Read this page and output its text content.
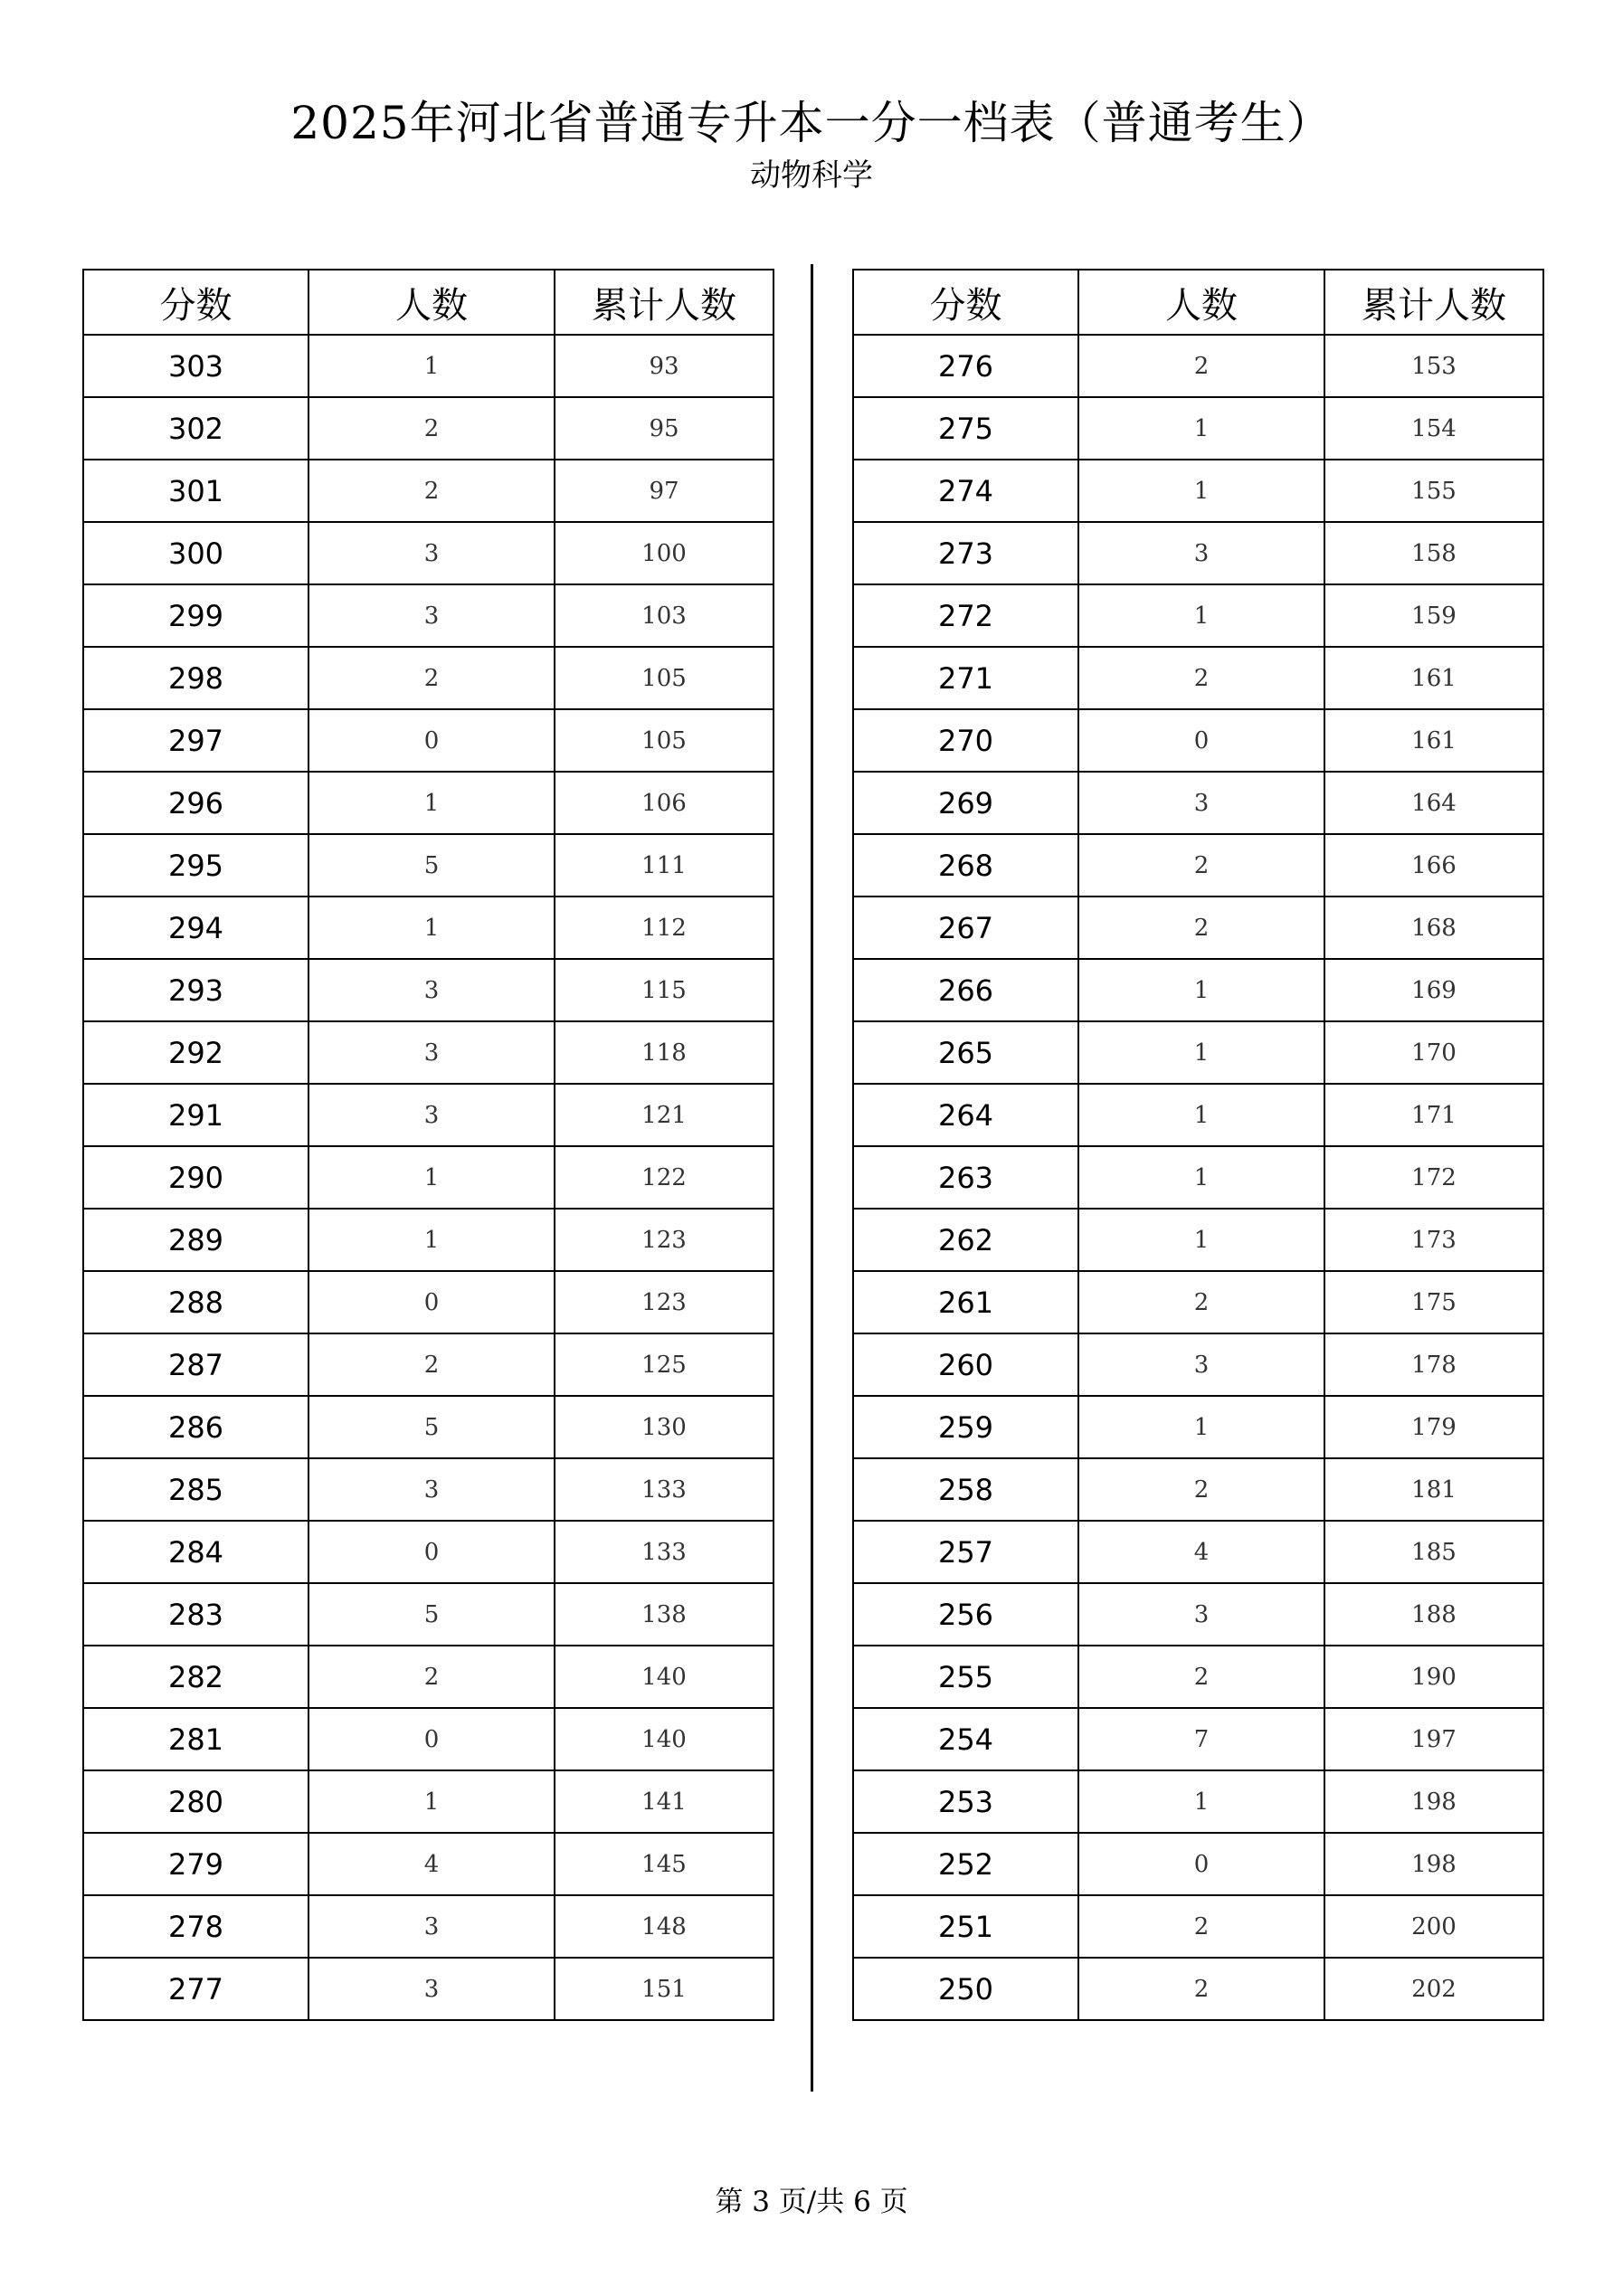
2025年河北省普通专升本一分一档表（普通考生）
动物科学
分数	人数	累计人数
303	1	93
302	2	95
301	2	97
300	3	100
299	3	103
298	2	105
297	0	105
296	1	106
295	5	111
294	1	112
293	3	115
292	3	118
291	3	121
290	1	122
289	1	123
288	0	123
287	2	125
286	5	130
285	3	133
284	0	133
283	5	138
282	2	140
281	0	140
280	1	141
279	4	145
278	3	148
277	3	151
分数	人数	累计人数
276	2	153
275	1	154
274	1	155
273	3	158
272	1	159
271	2	161
270	0	161
269	3	164
268	2	166
267	2	168
266	1	169
265	1	170
264	1	171
263	1	172
262	1	173
261	2	175
260	3	178
259	1	179
258	2	181
257	4	185
256	3	188
255	2	190
254	7	197
253	1	198
252	0	198
251	2	200
250	2	202
第 3 页/共 6 页
